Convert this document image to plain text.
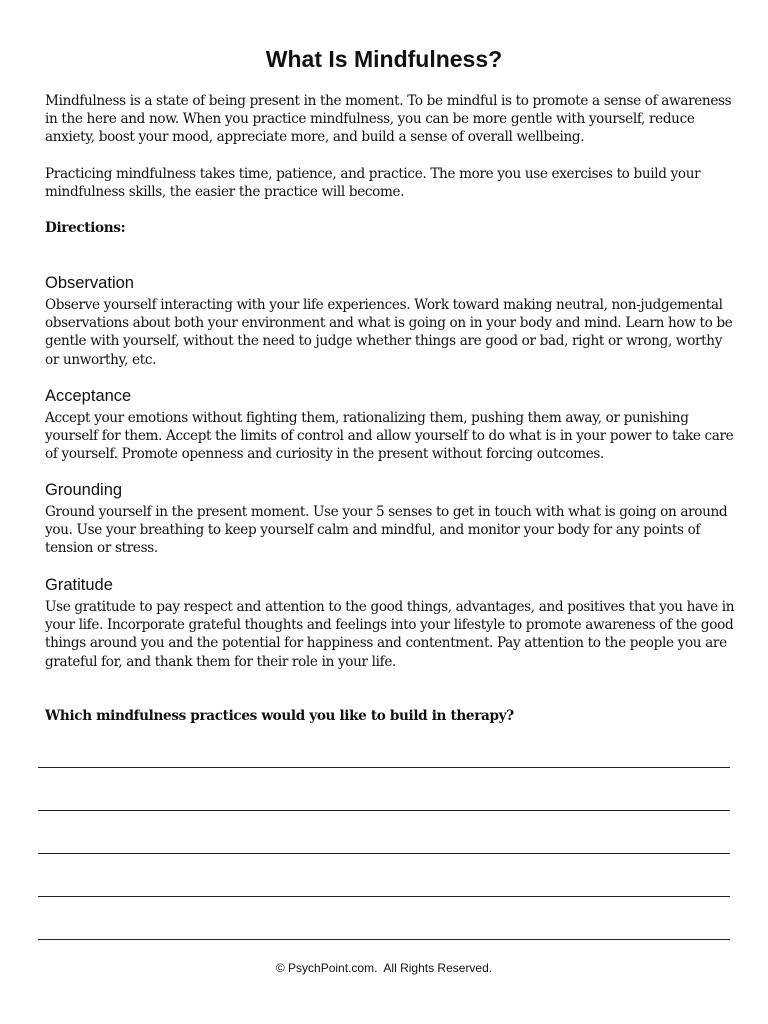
What Is Mindfulness?

Mindfulness is a state of being present in the moment. To be mindful is to promote a sense of awareness in the here and now. When you practice mindfulness, you can be more gentle with yourself, reduce anxiety, boost your mood, appreciate more, and build a sense of overall wellbeing.

Practicing mindfulness takes time, patience, and practice. The more you use exercises to build your mindfulness skills, the easier the practice will become.

Directions:

Observation

Observe yourself interacting with your life experiences. Work toward making neutral, non-judgemental observations about both your environment and what is going on in your body and mind. Learn how to be gentle with yourself, without the need to judge whether things are good or bad, right or wrong, worthy or unworthy, etc.

Acceptance

Accept your emotions without fighting them, rationalizing them, pushing them away, or punishing yourself for them. Accept the limits of control and allow yourself to do what is in your power to take care of yourself. Promote openness and curiosity in the present without forcing outcomes.

Grounding

Ground yourself in the present moment. Use your 5 senses to get in touch with what is going on around you. Use your breathing to keep yourself calm and mindful, and monitor your body for any points of tension or stress.

Gratitude

Use gratitude to pay respect and attention to the good things, advantages, and positives that you have in your life. Incorporate grateful thoughts and feelings into your lifestyle to promote awareness of the good things around you and the potential for happiness and contentment. Pay attention to the people you are grateful for, and thank them for their role in your life.

Which mindfulness practices would you like to build in therapy?

© PsychPoint.com.  All Rights Reserved.
